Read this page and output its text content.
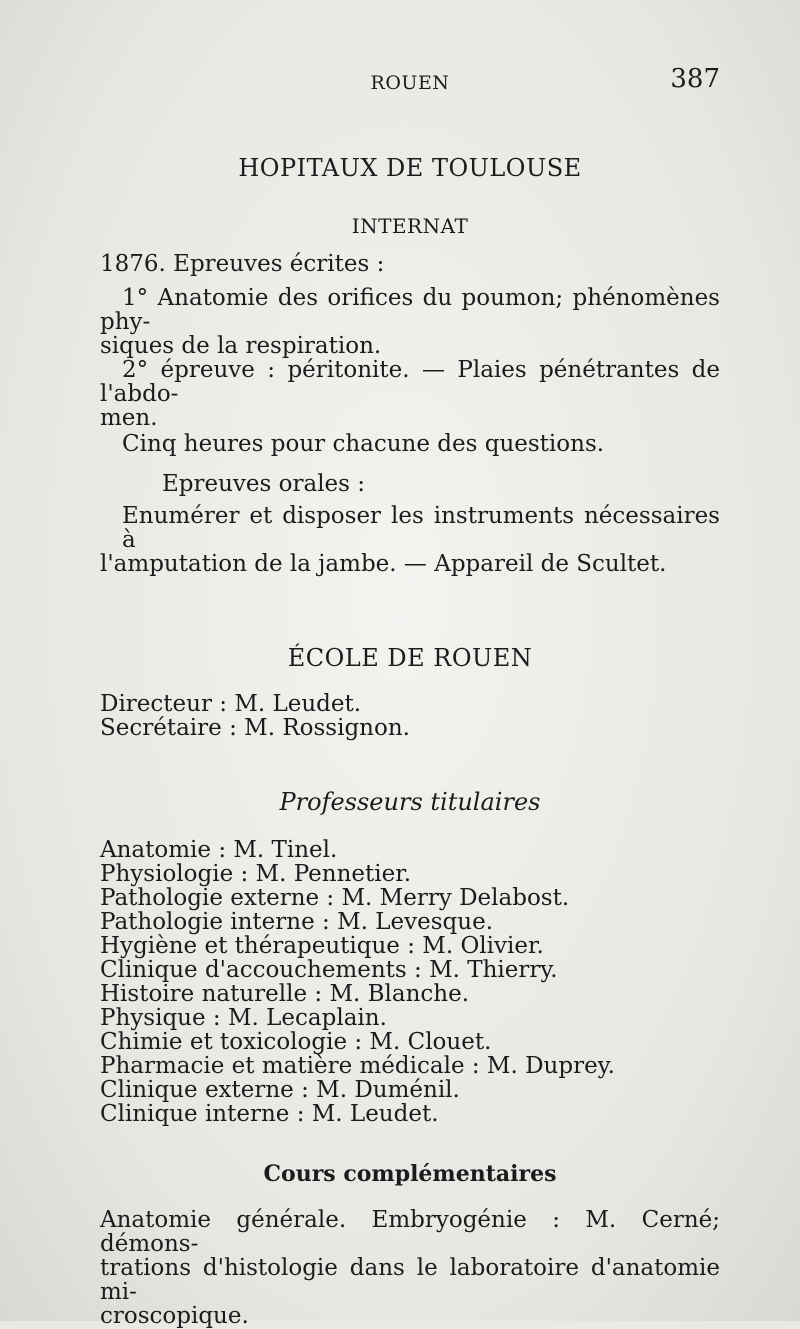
ROUEN	387
HOPITAUX DE TOULOUSE
INTERNAT

1876. Epreuves écrites :

1° Anatomie des orifices du poumon; phénomènes phy-

siques de la respiration.

2° épreuve : péritonite. — Plaies pénétrantes de l'abdo-

men.

Cinq heures pour chacune des questions.

Epreuves orales :

Enumérer et disposer les instruments nécessaires à

l'amputation de la jambe. — Appareil de Scultet.

ÉCOLE DE ROUEN

Directeur : M. Leudet.

Secrétaire : M. Rossignon.

Professeurs titulaires
Anatomie : M. Tinel.
Physiologie : M. Pennetier.
Pathologie externe : M. Merry Delabost.
Pathologie interne : M. Levesque.
Hygiène et thérapeutique : M. Olivier.
Clinique d'accouchements : M. Thierry.
Histoire naturelle : M. Blanche.
Physique : M. Lecaplain.
Chimie et toxicologie : M. Clouet.
Pharmacie et matière médicale : M. Duprey.
Clinique externe : M. Duménil.
Clinique interne : M. Leudet.
Cours complémentaires

Anatomie générale. Embryogénie : M. Cerné; démons-

trations d'histologie dans le laboratoire d'anatomie mi-

croscopique.
